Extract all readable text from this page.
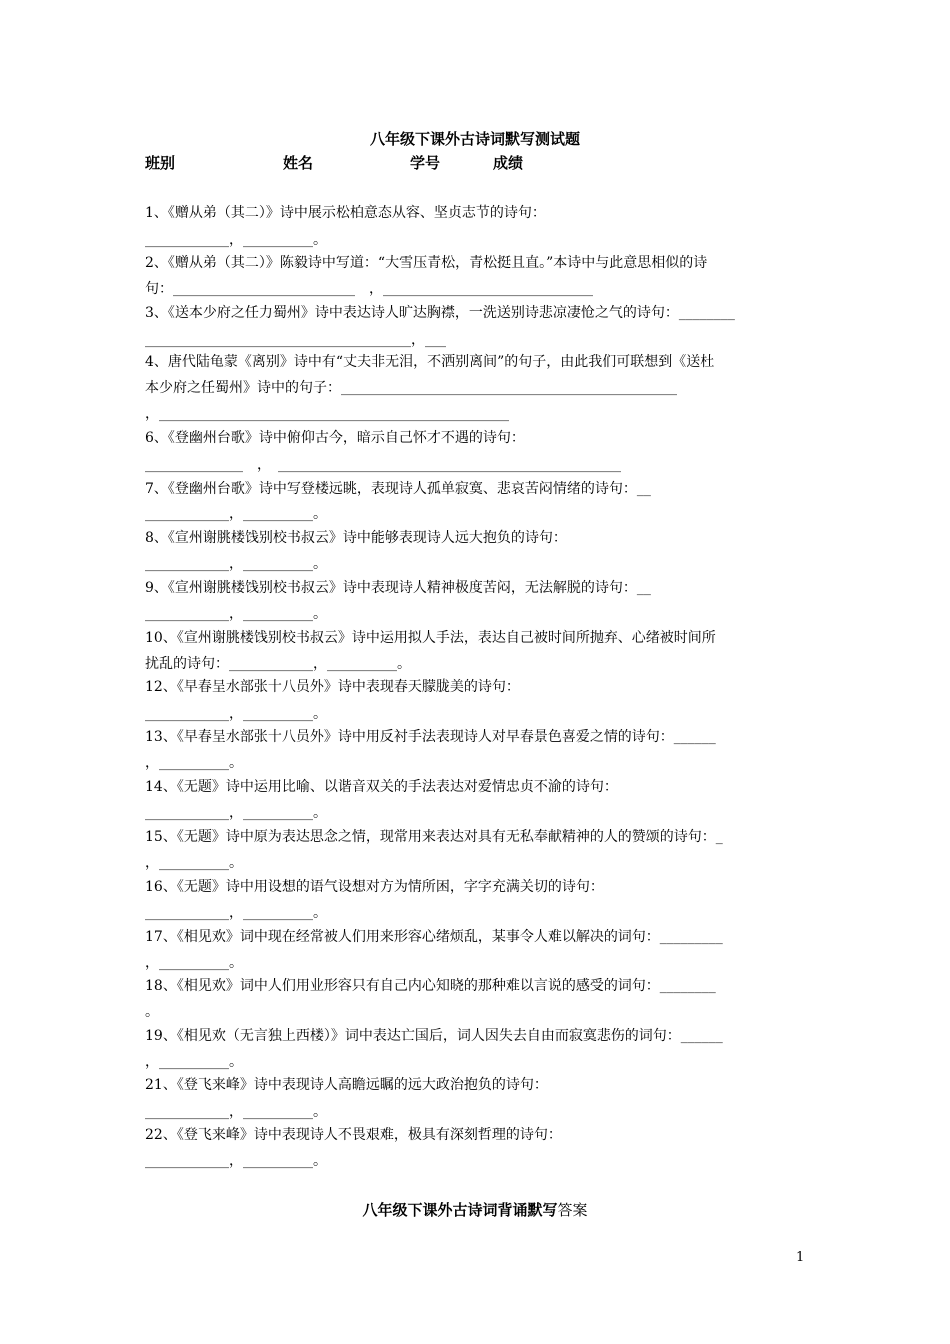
八年级下课外古诗词默写测试题
班别	姓名	学号	成绩
1、《赠从弟（其二）》诗中展示松柏意态从容、坚贞志节的诗句：
____________，__________。
2、《赠从弟（其二）》陈毅诗中写道：“大雪压青松，青松挺且直。”本诗中与此意思相似的诗
句：__________________________　，______________________________
3、《送本少府之任力蜀州》诗中表达诗人旷达胸襟，一洗送别诗悲凉凄怆之气的诗句：________
______________________________________，___
4、唐代陆龟蒙《离别》诗中有“丈夫非无泪，不洒别离间”的句子，由此我们可联想到《送杜
本少府之任蜀州》诗中的句子：________________________________________________
，__________________________________________________
6、《登幽州台歌》诗中俯仰古今，暗示自己怀才不遇的诗句：
______________　，　_________________________________________________
7、《登幽州台歌》诗中写登楼远眺，表现诗人孤单寂寞、悲哀苦闷情绪的诗句：__
____________，__________。
8、《宣州谢朓楼饯别校书叔云》诗中能够表现诗人远大抱负的诗句：
____________，__________。
9、《宣州谢朓楼饯别校书叔云》诗中表现诗人精神极度苦闷，无法解脱的诗句：__
____________，__________。
10、《宣州谢朓楼饯别校书叔云》诗中运用拟人手法，表达自己被时间所抛弃、心绪被时间所
扰乱的诗句：____________，__________。
12、《早春呈水部张十八员外》诗中表现春天朦胧美的诗句：
____________，__________。
13、《早春呈水部张十八员外》诗中用反衬手法表现诗人对早春景色喜爱之情的诗句：______
，__________。
14、《无题》诗中运用比喻、以谐音双关的手法表达对爱情忠贞不渝的诗句：
____________，__________。
15、《无题》诗中原为表达思念之情，现常用来表达对具有无私奉献精神的人的赞颂的诗句：_
，__________。
16、《无题》诗中用设想的语气设想对方为情所困，字字充满关切的诗句：
____________，__________。
17、《相见欢》词中现在经常被人们用来形容心绪烦乱，某事令人难以解决的词句：_________
，__________。
18、《相见欢》词中人们用业形容只有自己内心知晓的那种难以言说的感受的词句：________
。
19、《相见欢（无言独上西楼）》词中表达亡国后，词人因失去自由而寂寞悲伤的词句：______
，__________。
21、《登飞来峰》诗中表现诗人高瞻远瞩的远大政治抱负的诗句：
____________，__________。
22、《登飞来峰》诗中表现诗人不畏艰难，极具有深刻哲理的诗句：
____________，__________。
八年级下课外古诗词背诵默写答案
1
